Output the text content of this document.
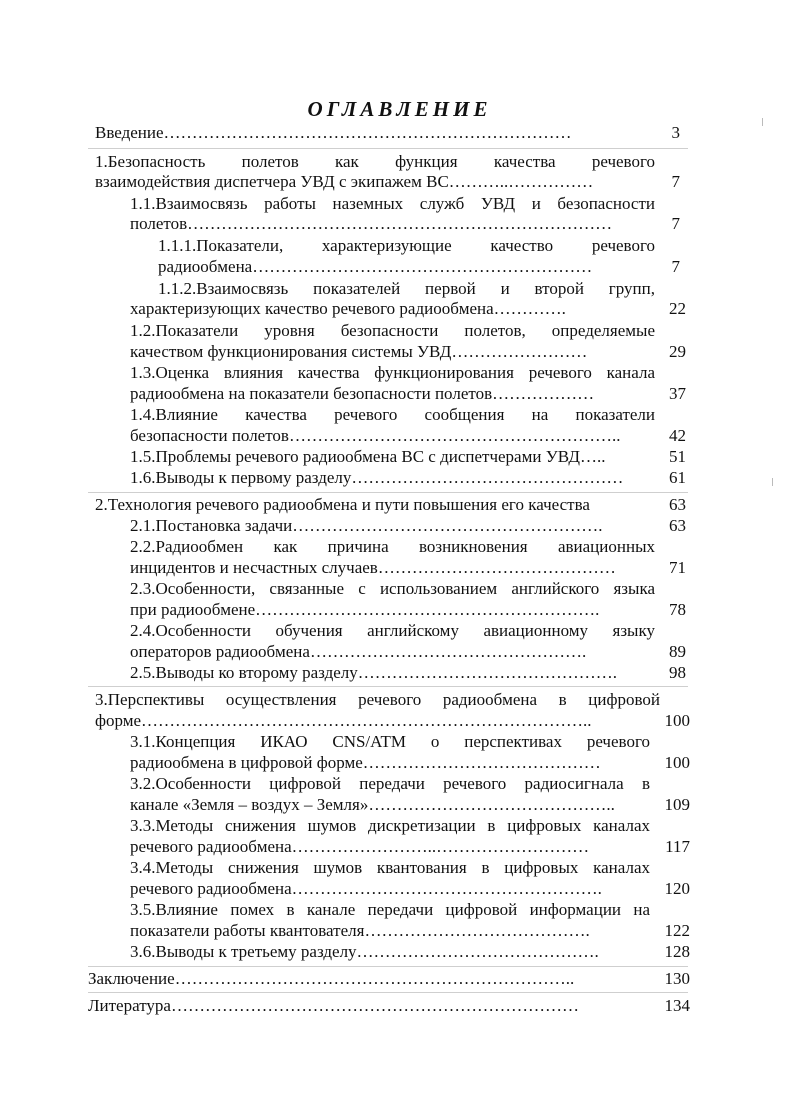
ОГЛАВЛЕНИЕ
Введение………………………………………………………………	3
1.Безопасность полетов как функция качества речевого
взаимодействия диспетчера УВД с экипажем ВС………..……………	7
1.1.Взаимосвязь работы наземных служб УВД и безопасности
полетов…………………………………………………………………	7
1.1.1.Показатели, характеризующие качество речевого
радиообмена……………………………………………………	7
1.1.2.Взаимосвязь показателей первой и второй групп,
характеризующих качество речевого радиообмена………….	22
1.2.Показатели уровня безопасности полетов, определяемые
качеством функционирования системы УВД……………………	29
1.3.Оценка влияния качества функционирования речевого канала
радиообмена на показатели безопасности полетов………………	37
1.4.Влияние качества речевого сообщения на показатели
безопасности полетов…………………………………………………..	42
1.5.Проблемы речевого радиообмена ВС с диспетчерами УВД…..	51
1.6.Выводы к первому разделу…………………………………………	61
2.Технология речевого радиообмена и пути повышения его качества	63
2.1.Постановка задачи……………………………………………….	63
2.2.Радиообмен как причина возникновения авиационных
инцидентов и несчастных случаев……………………………………	71
2.3.Особенности, связанные с использованием английского языка
при радиообмене…………………………………………………….	78
2.4.Особенности обучения английскому авиационному языку
операторов радиообмена………………………………………….	89
2.5.Выводы ко второму разделу……………………………………….	98
3.Перспективы осуществления речевого радиообмена в цифровой
форме……………………………………………………………………..	100
3.1.Концепция ИКАО CNS/ATM о перспективах речевого
радиообмена в цифровой форме……………………………………	100
3.2.Особенности цифровой передачи речевого радиосигнала в
канале «Земля – воздух – Земля»……………………………………..	109
3.3.Методы снижения шумов дискретизации в цифровых каналах
речевого радиообмена……………………..………………………	117
3.4.Методы снижения шумов квантования в цифровых каналах
речевого радиообмена……………………………………………….	120
3.5.Влияние помех в канале передачи цифровой информации на
показатели работы квантователя………………………………….	122
3.6.Выводы к третьему разделу…………………………………….	128
Заключение……………………………………………………………..	130
Литература………………………………………………………………	134
